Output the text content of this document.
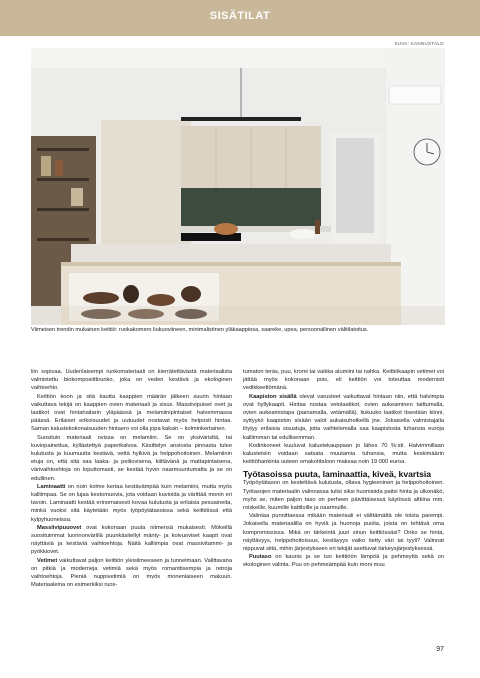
SISÄTILAT
KUVA: KANNUSTALO
Viimeisen trendin mukainen keittiö: ruokakomero liukuoviineen, minimalistinen yläkaappiosa, saareke, upea, persoonallinen välitilatoitus.

liin sopivaa. Uudenlaisempi runkomateriaali on kierrätettävästä materiaalista valmistettu biokomposiittirunko, joka on veden kestävä ja ekologinen vaihtoehto.

Keittiön koon ja sitä kautta kaappien määrän jälkeen suurin hintaan vaikuttava tekijä on kaappien ovien materiaali ja sisus. Massiivipuiset ovet ja laatikot ovat hintahaitarin yläpäässä ja melamiinipintaiset halvemmassa päässä. Erilaiset erikoisuudet ja uutuudet nostavat myös helposti hintaa. Saman kalustekokonaisuuden hintaero voi olla jopa kaksin – kolminkertainen.

Suosituin materiaali ovissa on melamiini. Se on yksivärisltä, tai kuviopainettua, kyllästettyä paperikalvoa. Käsittelyn ansiosta pinnasta tulee kulutusta ja kuumuutta kestävä, vettä hylkivä ja helppohoitoinen. Melamiinin etuja on, että sitä saa laaka- ja peiliovisena, kiiltävänä ja mattapintaisena, värivaihtoehtoja on loputtomasti, se kestää hyvin naarmuuntumatta ja se on edullinen.

Laminaatti on noin kolme kertaa kestävämpää kuin melamiini, mutta myös kalliimpaa. Se on lujaa kestomuovia, jota voidaan kuvioida ja värittää monin eri tavoin. Laminaatti kestää erinomaisesti kovaa kulutusta ja erilaisia pesuaineita, minkä vuoksi sitä käytetään myös työpöytätasoissa sekä keittiöissä että kylpyhuoneissa.

Massiivipuuovet ovat kokonaan puuta niimensä mukaisesti. Mökeillä suosituimmat luonnonvärillä puunkäsitellyt mänty- ja koivuoviset kaapit ovat näyttäviä ja kestäviä vaihtoehtoja. Näitä kalliimpia ovat massivitammi- ja pyökkiovet.

Vetimet vaikuttavat paljon keittiön yleisilmeeseen ja tunnelmaan. Valittavana on pitkiä ja moderneja vetimiä sekä myös romanttisempia ja retroja vaihtoehtoja. Pieniä nuppivetimiä on myös monenlaiseen makuun. Materiaaleina on esimerkiksi ruos-

tumaton teräs, puu, kromi tai vaikka alumiini tai nahka. Keittiökaapin vetimet voi jättää myös kokonaan pois, eli keittiön voi toteuttaa modernisti vedikkeettömänä.

Kaapiston sisällä olevat varusteet vaikuttavat hintaan niin, että halvimpia ovat hyllykaapit. Hintaa nostaa vetolaatikot, ovien aukeaminen taittumalla, ovien aukeamistapa (painamalla, vetämällä), liukuuko laatikot itsestään kiinni, syttyykö kaapiston sisään valot aukaisuhetkellä jne. Jokaisella valmistajalla löytyy erilaisia sisustuja, joita vaihtelemalla saa kaapistosta tuhansia euroja kalliimman tai edullisemman.

Kodinkoneet kuuluvat kalustekauppaan jo lähes 70 %:sti. Halvimmillaan kalusteisiin voidaan satsata muutamia tuhansia, mutta keskimäärin keittiöhankinta uuteen omakotitaloon maksaa noin 19 000 euroa.

Työtasoissa puuta, laminaattia, kiveä, kvartsia

Työpöytätason on kestettävä kulutusta, oltava hygieeninen ja helppohoitoinen. Työtasojen materiaalin valinnassa tulisi siksi huomioida paitsi hinta ja ulkonäkö, myös se, miten paljon taso on perheen päivittäisessä käytössä alttiina mm. roiskeille, kuumille kattiloille ja naarmuille.

Valintaa punnittaessa mikään materiaali ei välttämättä ole toista parempi. Jokaisella materiaalilla on hyviä ja huonoja puolia, joista on tehtävä oma kompromississa. Mikä on tärkeintä juuri sinun keittiössäsi? Onko se hinta, näyttävyys, helppohoitoisuus, kestävyys vaiko tietty väri tai tyyli? Valinnat nippuvat siitä, mihin järjestykseen eri tekijät asettuvat tärkeysjärjestyksessä.

Puutaso on kaunis ja se tuo keittiöön lämpöä ja pehmeyttä sekä on ekologinen valinta. Puu on pehmeämpää kuin moni muu

97
